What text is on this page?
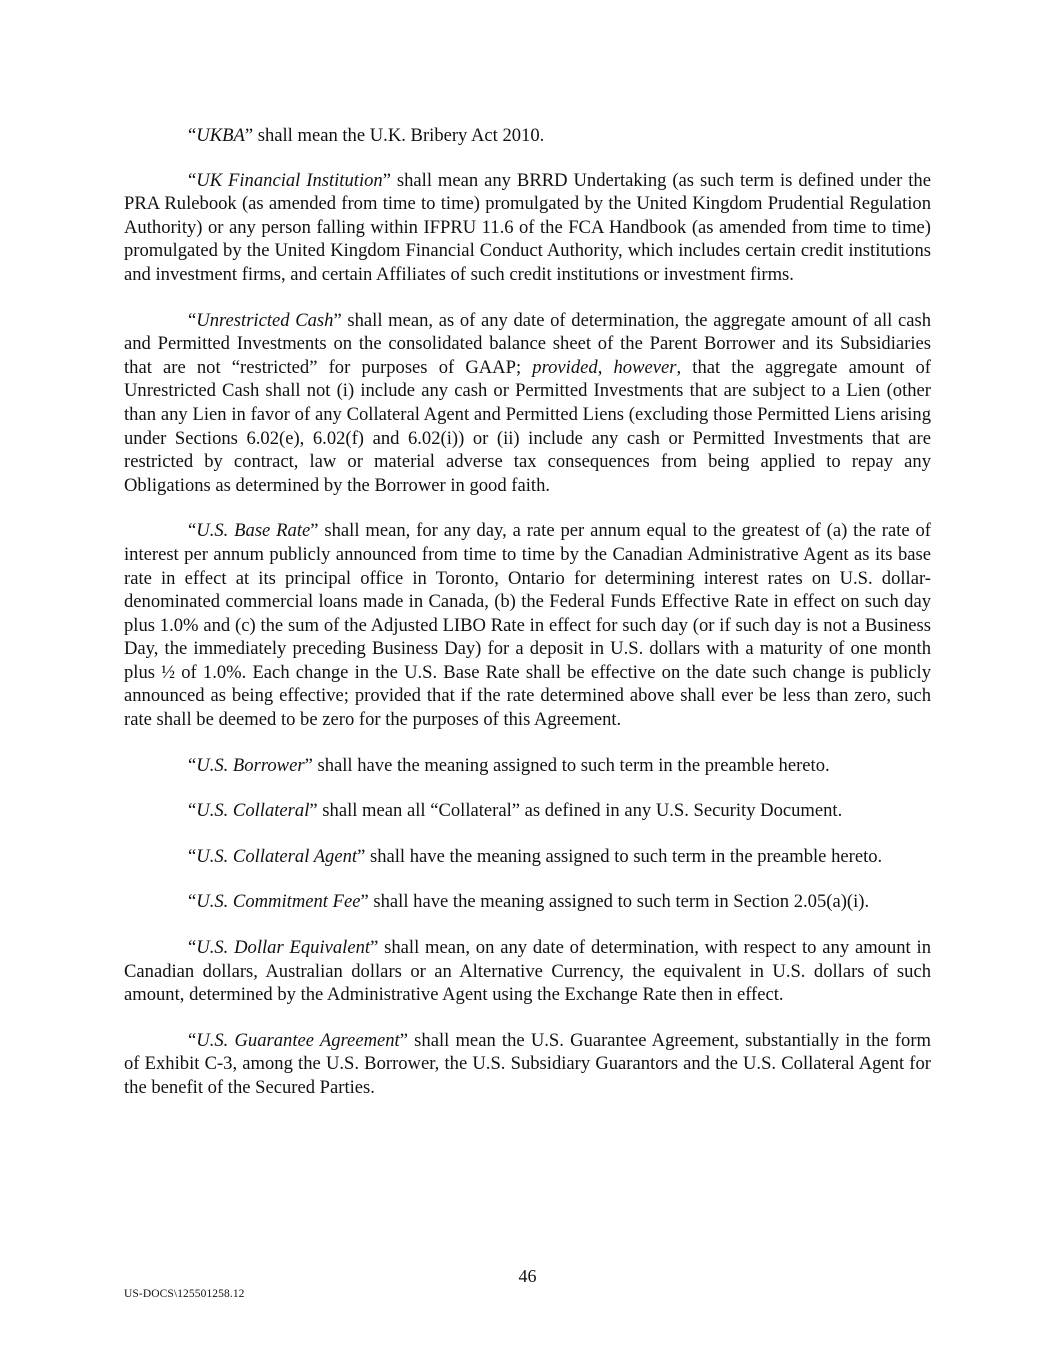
“UKBA” shall mean the U.K. Bribery Act 2010.

“UK Financial Institution” shall mean any BRRD Undertaking (as such term is defined under the PRA Rulebook (as amended from time to time) promulgated by the United Kingdom Prudential Regulation Authority) or any person falling within IFPRU 11.6 of the FCA Handbook (as amended from time to time) promulgated by the United Kingdom Financial Conduct Authority, which includes certain credit institutions and investment firms, and certain Affiliates of such credit institutions or investment firms.

“Unrestricted Cash” shall mean, as of any date of determination, the aggregate amount of all cash and Permitted Investments on the consolidated balance sheet of the Parent Borrower and its Subsidiaries that are not “restricted” for purposes of GAAP; provided, however, that the aggregate amount of Unrestricted Cash shall not (i) include any cash or Permitted Investments that are subject to a Lien (other than any Lien in favor of any Collateral Agent and Permitted Liens (excluding those Permitted Liens arising under Sections 6.02(e), 6.02(f) and 6.02(i)) or (ii) include any cash or Permitted Investments that are restricted by contract, law or material adverse tax consequences from being applied to repay any Obligations as determined by the Borrower in good faith.

“U.S. Base Rate” shall mean, for any day, a rate per annum equal to the greatest of (a) the rate of interest per annum publicly announced from time to time by the Canadian Administrative Agent as its base rate in effect at its principal office in Toronto, Ontario for determining interest rates on U.S. dollar-denominated commercial loans made in Canada, (b) the Federal Funds Effective Rate in effect on such day plus 1.0% and (c) the sum of the Adjusted LIBO Rate in effect for such day (or if such day is not a Business Day, the immediately preceding Business Day) for a deposit in U.S. dollars with a maturity of one month plus ½ of 1.0%. Each change in the U.S. Base Rate shall be effective on the date such change is publicly announced as being effective; provided that if the rate determined above shall ever be less than zero, such rate shall be deemed to be zero for the purposes of this Agreement.

“U.S. Borrower” shall have the meaning assigned to such term in the preamble hereto.

“U.S. Collateral” shall mean all “Collateral” as defined in any U.S. Security Document.

“U.S. Collateral Agent” shall have the meaning assigned to such term in the preamble hereto.

“U.S. Commitment Fee” shall have the meaning assigned to such term in Section 2.05(a)(i).

“U.S. Dollar Equivalent” shall mean, on any date of determination, with respect to any amount in Canadian dollars, Australian dollars or an Alternative Currency, the equivalent in U.S. dollars of such amount, determined by the Administrative Agent using the Exchange Rate then in effect.

“U.S. Guarantee Agreement” shall mean the U.S. Guarantee Agreement, substantially in the form of Exhibit C-3, among the U.S. Borrower, the U.S. Subsidiary Guarantors and the U.S. Collateral Agent for the benefit of the Secured Parties.

46
US-DOCS\125501258.12
